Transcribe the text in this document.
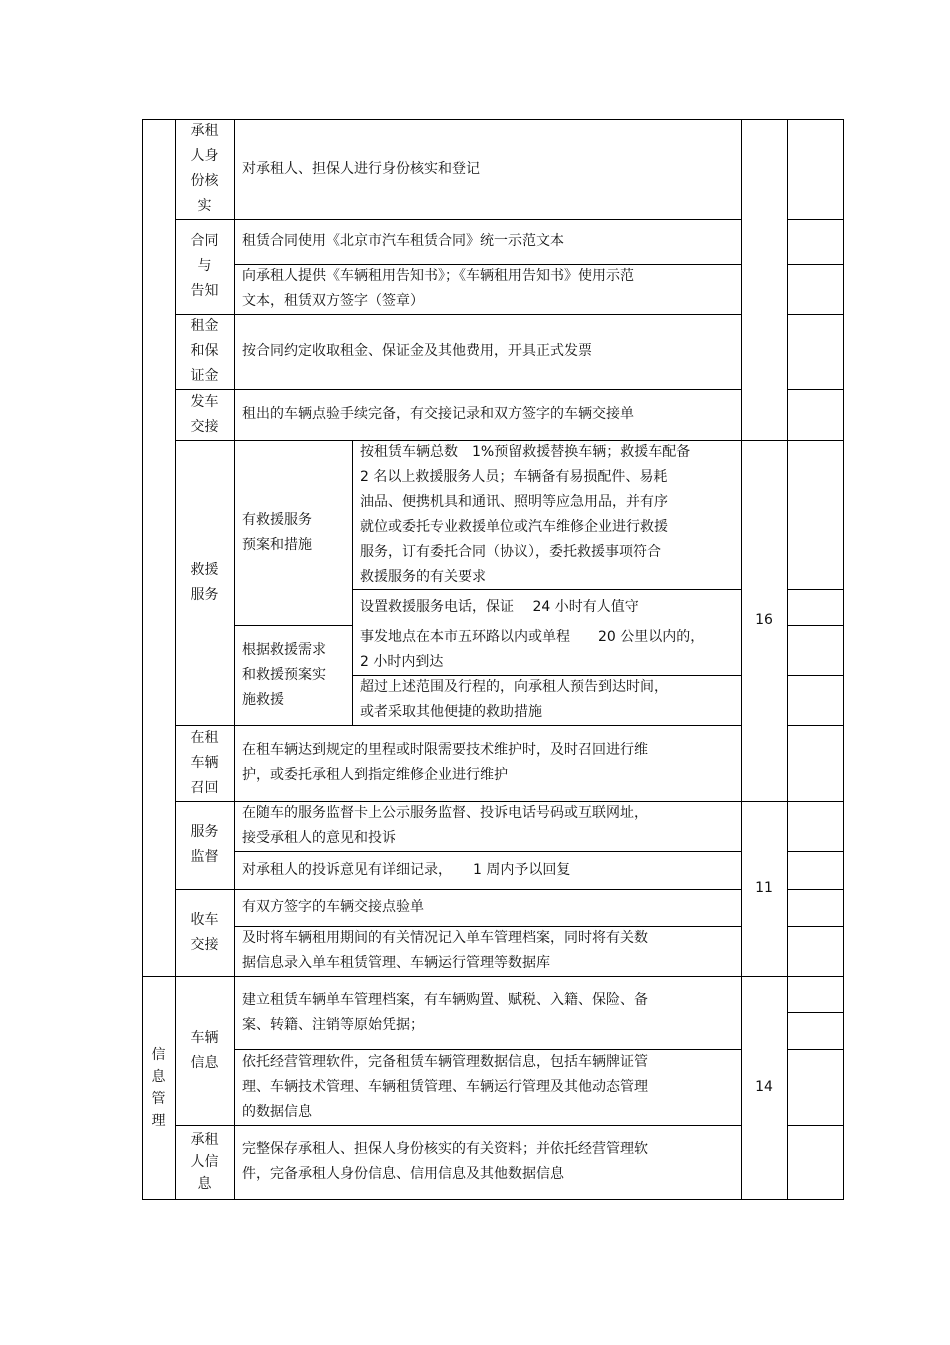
信
息
管
理
承租
人身
份核
实
合同
与
告知
租金
和保
证金
发车
交接
救援
服务
在租
车辆
召回
服务
监督
收车
交接
车辆
信息
承租
人信
息
有救援服务
预案和措施
根据救援需求
和救援预案实
施救援
对承租人、担保人进行身份核实和登记
租赁合同使用《北京市汽车租赁合同》统一示范文本
向承租人提供《车辆租用告知书》；《车辆租用告知书》使用示范
文本，租赁双方签字（签章）
按合同约定收取租金、保证金及其他费用，开具正式发票
租出的车辆点验手续完备，有交接记录和双方签字的车辆交接单
按租赁车辆总数　1%预留救援替换车辆；救援车配备
2 名以上救援服务人员；车辆备有易损配件、易耗
油品、便携机具和通讯、照明等应急用品，并有序
就位或委托专业救援单位或汽车维修企业进行救援
服务，订有委托合同（协议），委托救援事项符合
救援服务的有关要求
设置救援服务电话，保证　 24 小时有人值守
事发地点在本市五环路以内或单程　　20 公里以内的，
2 小时内到达
超过上述范围及行程的，向承租人预告到达时间，
或者采取其他便捷的救助措施
在租车辆达到规定的里程或时限需要技术维护时，及时召回进行维
护，或委托承租人到指定维修企业进行维护
在随车的服务监督卡上公示服务监督、投诉电话号码或互联网址，
接受承租人的意见和投诉
对承租人的投诉意见有详细记录，　　1 周内予以回复
有双方签字的车辆交接点验单
及时将车辆租用期间的有关情况记入单车管理档案，同时将有关数
据信息录入单车租赁管理、车辆运行管理等数据库
建立租赁车辆单车管理档案，有车辆购置、赋税、入籍、保险、备
案、转籍、注销等原始凭据；
依托经营管理软件，完备租赁车辆管理数据信息，包括车辆牌证管
理、车辆技术管理、车辆租赁管理、车辆运行管理及其他动态管理
的数据信息
完整保存承租人、担保人身份核实的有关资料；并依托经营管理软
件，完备承租人身份信息、信用信息及其他数据信息
16
11
14
